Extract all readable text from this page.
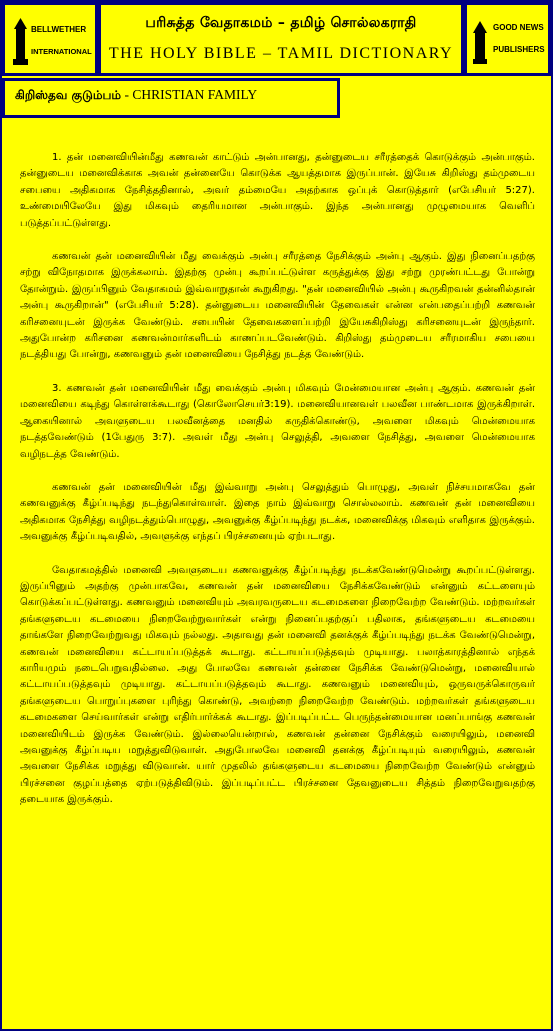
BELLWETHER
INTERNATIONAL
பரிசுத்த வேதாகமம் – தமிழ் சொல்லகராதி
THE HOLY BIBLE – TAMIL DICTIONARY
GOOD NEWS
PUBLISHERS
கிறிஸ்தவ குடும்பம் - CHRISTIAN FAMILY

1. தன் மனைவியின்மீது கணவன் காட்டும் அன்பானது, தன்னுடைய சரீரத்தைக் கொடுக்கும் அன்பாகும். தன்னுடைய மனைவிக்காக அவன் தன்னையே கொடுக்க ஆயத்தமாக இருப்பான். இயேசு கிறிஸ்து தம்முடைய சபையை அதிகமாக நேசித்ததினால், அவர் தம்மையே அதற்காக ஒப்புக் கொடுத்தார் (எபேசியர் 5:27). உண்மையிலேயே இது மிகவும் தைரியமான அன்பாகும். இந்த அன்பானது முழுமையாக வெளிப் படுத்தப்பட்டுள்ளது.

கணவன் தன் மனைவியின் மீது வைக்கும் அன்பு சரீரத்தை நேசிக்கும் அன்பு ஆகும். இது நினைப்பதற்கு சற்று விநோதமாக இருக்கலாம். இதற்கு முன்பு கூறப்பட்டுள்ள கருத்துக்கு இது சற்று முரண்பட்டது போன்று தோன்றும். இருப்பினும் வேதாகமம் இவ்வாறுதான் கூறுகிறது. "தன் மனைவியில் அன்பு கூருகிறவன் தன்னில்தான் அன்பு கூருகிறான்" (எபேசியர் 5:28). தன்னுடைய மனைவியின் தேவைகள் என்ன என்பதைப்பற்றி கணவன் கரிசனையுடன் இருக்க வேண்டும். சபையின் தேவைகளைப்பற்றி இயேசுகிறிஸ்து கரிசனையுடன் இருந்தார். அதுபோன்ற கரிசனை கணவன்மார்களிடம் காணப்படவேண்டும். கிறிஸ்து தம்முடைய சரீரமாகிய சபையை நடத்தியது போன்று, கணவனும் தன் மனைவியை நேசித்து நடத்த வேண்டும்.

3. கணவன் தன் மனைவியின் மீது வைக்கும் அன்பு மிகவும் மேன்மையான அன்பு ஆகும். கணவன் தன் மனைவியை கடிந்து கொள்ளக்கூடாது (கொலோசெயர்3:19). மனைவியானவள் பலவீன பாண்டமாக இருக்கிறாள். ஆகையினால் அவளுடைய பலவீனத்தை மனதில் கருதிக்கொண்டு, அவளை மிகவும் மென்மையாக நடத்தவேண்டும் (1பேதுரு 3:7). அவள் மீது அன்பு செலுத்தி, அவளை நேசித்து, அவளை மென்மையாக வழிநடத்த வேண்டும்.

கணவன் தன் மனைவியின் மீது இவ்வாறு அன்பு செலுத்தும் பொழுது, அவள் நிச்சயமாகவே தன் கணவனுக்கு கீழ்ப்படிந்து நடந்துகொள்வாள். இதை நாம் இவ்வாறு சொல்லலாம். கணவன் தன் மனைவியை அதிகமாக நேசித்து வழிநடத்தும்பொழுது, அவனுக்கு கீழ்ப்படிந்து நடக்க, மனைவிக்கு மிகவும் எளிதாக இருக்கும். அவனுக்கு கீழ்ப்படிவதில், அவளுக்கு எந்தப் பிரச்சனையும் ஏற்படாது.

வேதாகமத்தில் மனைவி அவளுடைய கணவனுக்கு கீழ்ப்படிந்து நடக்கவேண்டுமென்று கூறப்பட்டுள்ளது. இருப்பினும் அதற்கு முன்பாகவே, கணவன் தன் மனைவியை நேசிக்கவேண்டும் என்னும் கட்டளையும் கொடுக்கப்பட்டுள்ளது. கணவனும் மனைவியும் அவரவருடைய கடமைகளை நிறைவேற்ற வேண்டும். மற்றவர்கள் தங்களுடைய கடமையை நிறைவேற்றுவார்கள் என்று நினைப்பதற்குப் பதிலாக, தங்களுடைய கடமையை தாங்களே நிறைவேற்றுவது மிகவும் நல்லது. அதாவது தன் மனைவி தனக்குக் கீழ்ப்படிந்து நடக்க வேண்டுமென்று, கணவன் மனைவியை கட்டாயப்படுத்தக் கூடாது. கட்டாயப்படுத்தவும் முடியாது. பலாத்காரத்தினால் எந்தக் காரியமும் நடைபெறுவதில்லை. அது போலவே கணவன் தன்னை நேசிக்க வேண்டுமென்று, மனைவியால் கட்டாயப்படுத்தவும் முடியாது. கட்டாயப்படுத்தவும் கூடாது. கணவனும் மனைவியும், ஒருவருக்கொருவர் தங்களுடைய பொறுப்புகளை புரிந்து கொண்டு, அவற்றை நிறைவேற்ற வேண்டும். மற்றவர்கள் தங்களுடைய கடமைகளை செய்வார்கள் என்று எதிர்பார்க்கக் கூடாது. இப்படிப்பட்ட பெருந்தன்மையான மனப்பாங்கு கணவன் மனைவியிடம் இருக்க வேண்டும். இல்லையென்றால், கணவன் தன்னை நேசிக்கும் வரையிலும், மனைவி அவனுக்கு கீழ்ப்படிய மறுத்துவிடுவாள். அதுபோலவே மனைவி தனக்கு கீழ்ப்படியும் வரையிலும், கணவன் அவளை நேசிக்க மறுத்து விடுவான். யார் முதலில் தங்களுடைய கடமையை நிறைவேற்ற வேண்டும் என்னும் பிரச்சனை குழப்பத்தை ஏற்படுத்திவிடும். இப்படிப்பட்ட பிரச்சனை தேவனுடைய சித்தம் நிறைவேறுவதற்கு தடையாக இருக்கும்.
